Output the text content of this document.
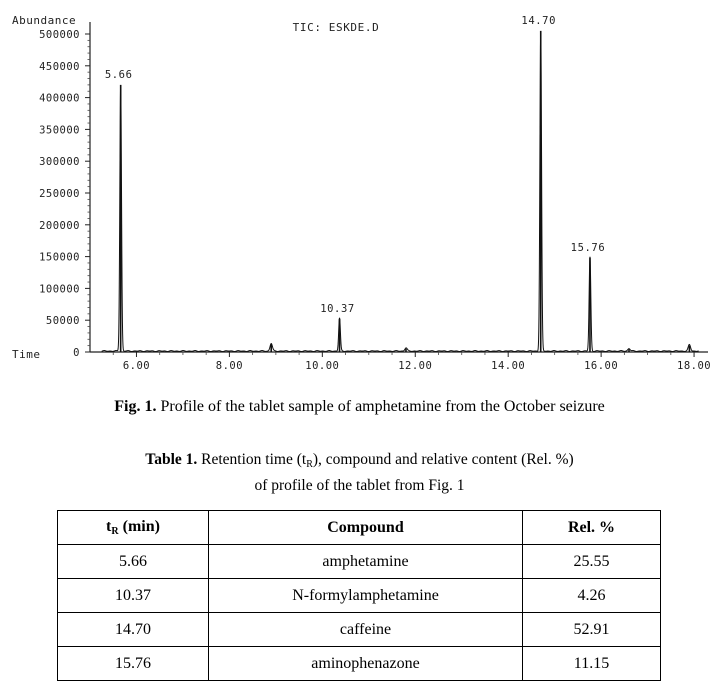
0
50000
100000
150000
200000
250000
300000
350000
400000
450000
500000
6.00	8.00	10.00	12.00	14.00	16.00	18.00
Abundance
Time
TIC: ESKDE.D
5.66
10.37
14.70
15.76
Fig. 1. Profile of the tablet sample of amphetamine from the October seizure
Table 1. Retention time $(t_R)$, compound and relative content (Rel. %)
of profile of the tablet from Fig. 1
$t_R$ (min)	Compound	Rel. %
5.66	amphetamine	25.55
10.37	N-formylamphetamine	4.26
14.70	caffeine	52.91
15.76	aminophenazone	11.15
